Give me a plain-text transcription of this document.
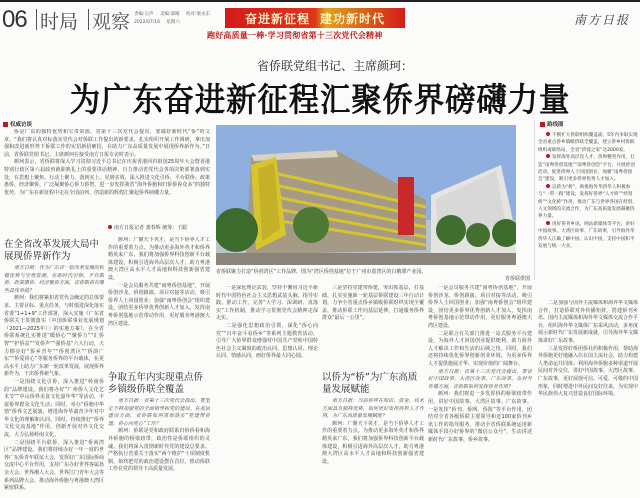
06 时局 观察 责编:宗声 美编:邵晴 校对:梁永东
2022/07/16 星期六	奋进新征程 建功新时代
跑好高质量一棒·学习贯彻省第十三次党代会精神
南方日报
省侨联党组书记、主席颜珂：
为广东奋进新征程汇聚侨界磅礴力量
权威访谈

侨是广东的独特优势和宝贵资源。省第十三次党代会提出，要做好新时代“侨”的文章。“我们将认真对标落实党代会对侨联工作提出的新要求，扎实组织开展工作调研，拿出加强和改进新形势下侨联工作的实招新招硬招，在助力广东高质量发展中展现侨界新作为。”日前，省侨联党组书记、主席颜珂在接受南方日报专访时表示。

颜珂表示，省侨联将深入学习贯彻习近平总书记在庆祝香港回归祖国25周年大会暨香港特别行政区第六届政府就职典礼上的重要讲话精神，自力推动省党代会各项决策部署落到实处，在思想上聚焦、行动上聚力、落到实上、见到实效，深入推进文化引侨、平台联侨、政策惠侨、经济聚侨，广泛凝聚侨心侨力侨智，进一步发挥我省“海外侨胞和归侨侨眷众多”的独特优势，为广东在新征程中走在全国前列、创造新的辉煌汇聚起侨界磅礴力量。

南方日报记者 龚春辉 统筹：王聪
在全省改革发展大局中展现侨界新作为

南方日报：作为广东省一轮改革发展的积极优势与宝贵资源，在新时代引领、平台联侨、政策惠侨、经济聚侨方面，省侨联将有哪些具体举措？

颜珂：我们将紧扣省党代会确定的总体要求、主要目标、重点任务，与时俱进深化落实省委“1+1+9”工作部署，深入实施《广东省侨联关于贯彻落实〈中国侨联事业发展规划（2021—2025年）〉的实施方案》，在全省侨联系统扎实推进“暖侨心”“聚侨力”“汇侨智”“护侨益”“发侨声”“强侨基”六大行动，大力擦亮好“侨乡青年”“侨创湾区”“侨韵广东”“侨爱同心”等服务侨界的平台载体，在更高水平上助力广东新一轮改革发展，展现侨界新作为，干出侨界新气象。

一是围绕文化引侨，深入推进“岭南侨韵”品牌建设。我们将办好“广州侨人文化艺术节”“中山侨界美食文化嘉年华”等活动，丰富侨界群众文化生活；同时，举办“侨胞中华情”侨界文艺展演，增进海外华裔青少年对中华文化的理解和认同。同时，持续推好“侨界文化交流基地”作用，创新开展对外文化交流，大力弘扬岭南文化。

二是围绕平台联侨，深入推进“侨商湾区”品牌建设。我们将持续办好一年一度的世界广东侨青年联谊大会，发挥好广东国际侨商交流中心平台作用，支持广东办好世界客属恳亲大会、世界潮人大会、世界江门青年大会等系列品牌大会，推动海外侨胞与粤港澳大湾区紧密联系。

颜珂：广聚天下英才，是当下侨界人才工作的重要着力点。为推动更多海外英才和侨界精英来广东，我们将加强侨界科技创新平台载体建设，积极引进海外高层次人才，助力粤港澳大湾区高水平人才高地和科技创新强省建设。

一是会员服务共建“南粤侨创基地”，开展侨创沙龙、侨创路演、项目对接等活动，吸引侨界人士回国创业；加强“南粤侨创会”组织建设，团结更多侨界优秀创新人才加入，发挥南粤侨创基地示范带动作用，更好服务粤港澳大湾区建设。

争取五年内实现重点侨乡镇级侨联全覆盖

南方日报：省第十三次党代会指出，要坚定不移加强党的全面领导和党的建设。在基层建设方面，省侨联如何贯彻落实“党建带侨建，侨心向党心”工作？

颜珂：侨联是党和政府联系归侨侨眷和海外侨胞的桥梁纽带，政治性是侨联组织的灵魂。我们将深入贯彻新时代党的建设总要求，严格执行省委关于落实“两个维护”十项制度机制，始终把党的政治建设摆在首位，推动侨联工作在党的领导下高质量发展。

省侨联聚力打造“侨创湾区”工作品牌。图为“湾区侨创基地”位于广州市荔湾区的白鹅潭产业园。
省侨联供图

一是深化理论武装，坚持不懈用习近平新时代中国特色社会主义思想武装头脑、指导实践、推动工作，完善“大学习、深调研、真落实”工作机制，推动学习贯彻党代会精神走深走实。

二是强化思想政治引领，深化“侨心向党”“百年奋斗看侨乡”等系列主题教育活动，引导广大侨界群众增强对中国共产党和中国特色社会主义制度的政治认同、思想认同、理论认同、情感认同，画好侨界最大同心圆。

三是坚持党建带侨建，突出抓基层、打基础，扎实实施新一轮基层侨联建设三年行动计划，力争全省重点侨乡镇级侨联组织实现全覆盖，推动侨联工作向基层延伸，打通服务侨界群众“最后一公里”。

以侨为“桥”为广东高质量发展赋能

南方日报：当前侨界在知识、资金、技术方面具有独特优势，如何更好发挥侨界人才作用，为广东高质量发展赋能？

颜珂：广聚天下英才，是当下侨界人才工作的重要着力点。为推动更多海外英才和侨界精英来广东，我们将加强侨界科技创新平台载体建设，积极引进海外高层次人才，助力粤港澳大湾区高水平人才高地和科技创新强省建设。

一是会员服务共建“南粤侨创基地”，开展侨创沙龙、侨创路演、项目对接等活动，吸引侨界人士回国创业；加强“南粤侨创会”组织建设，团结更多侨界优秀创新人才加入，发挥南粤侨创基地示范带动作用，更好服务粤港澳大湾区建设。

二是联合有关部门推进一站式服务平台建设，为海外人才回国创业提供便利，助力海外人才解决工作和生活的后顾之忧。同时，我们还将持续优化侨界创新创业环境，为更多侨界人才提供施展才华、实现价值的广阔舞台。

南方日报：省第十三次党代会提出，要讲好中国故事、大湾区故事、广东故事。在对外传播方面，省侨联如何发挥侨务作用？

颜珂：我们将进一步发挥侨的桥梁纽带作用，讲好中国故事、大湾区故事、广东故事。一是发挥“侨刊、侨网、侨报”等平台作用，团结对全省各级侨联主要领导和近100家侨刊乡讯工作的指导服务，推动全省侨联系统运用新媒体手段办好侨界的“微信公众号”，生动讲述新时代广东故事、侨乡故事。

路线图

不断扩大侨联组织覆盖面，5年内争取实现全省重点侨乡镇级侨联全覆盖，建立侨乡村侨联组织或联络站，全省“侨爱之家”达2000家。

发挥海外高层次人才、侨界精英作用，打造“南粤侨创基地”“南粤侨创会”平台，开展侨创活动，促进侨界人士回国创业，加强“南粤侨创会”建设，吸引更多侨界优秀人才加入。

以侨为“桥”，助推海外华侨华人积极参与“一带一路”建设，发挥好侨界“人才桥”“经贸桥”“文化桥”作用，推动广东与世界各国在经贸、人文领域的交流合作，为广东高质量发展凝聚侨界力量。

用好侨刊乡讯、网站新媒体等平台，讲好中国故事、大湾区故事、广东故事，引导海外华侨华人正确了解中国、认识中国，支持中国和平发展与统一大业。

二是加强与国外主流媒体和海外华文媒体合作，打造侨联对外传播矩阵，搭建侨刊乡讯、国内主流媒体和海外华文媒体交流合作平台，组织海外华文媒体广东采风活动，多角度展示新时代广东发展新成就，引导海外华文媒体讲好广东故事。

三是发挥好侨团侨社的积极作用，帮助海外侨胞更好地融入住在国主流社会，助力构建人类命运共同体；利用海外侨胞多种渠道开展民间对外交往，讲好中国故事、大湾区故事、广东故事，更好展现可信、可爱、可敬的中国形象，同时增进中外民间友好往来，为实现中华民族伟大复兴营造良好国际环境。
